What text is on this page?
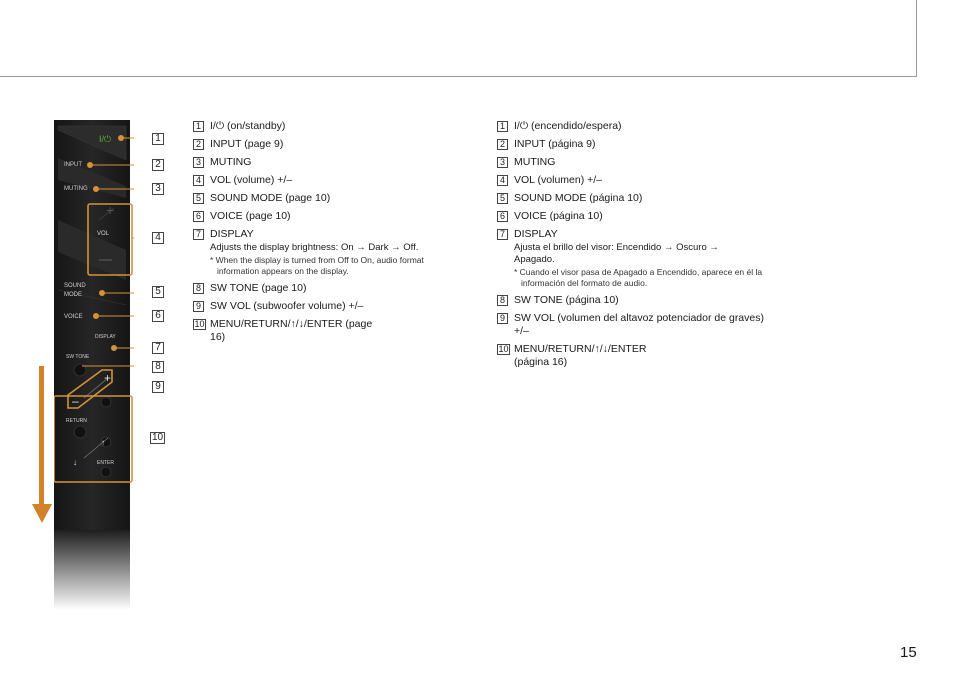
+
I/⏻
INPUT
MUTING
VOL
SOUND
MODE
VOICE
DISPLAY
SW TONE
+
–
RETURN
↑
↓	ENTER
1
2
3
4
5
6
7
8
9
10
1 I/⏻ (on/standby)
2 INPUT (page 9)
3 MUTING
4 VOL (volume) +/–
5 SOUND MODE (page 10)
6 VOICE (page 10)
7 DISPLAY
Adjusts the display brightness: On → Dark → Off.
* When the display is turned from Off to On, audio format information appears on the display.
8 SW TONE (page 10)
9 SW VOL (subwoofer volume) +/–
10 MENU/RETURN/↑/↓/ENTER (page 16)
1 I/⏻ (encendido/espera)
2 INPUT (página 9)
3 MUTING
4 VOL (volumen) +/–
5 SOUND MODE (página 10)
6 VOICE (página 10)
7 DISPLAY
Ajusta el brillo del visor: Encendido → Oscuro → Apagado.
* Cuando el visor pasa de Apagado a Encendido, aparece en él la información del formato de audio.
8 SW TONE (página 10)
9 SW VOL (volumen del altavoz potenciador de graves) +/–
10 MENU/RETURN/↑/↓/ENTER (página 16)
15
